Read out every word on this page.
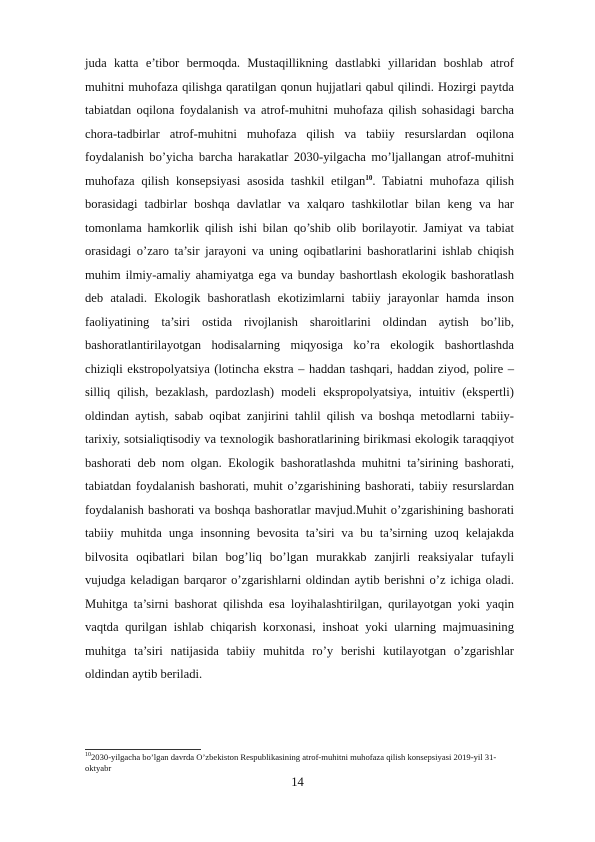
juda katta e’tibor bermoqda. Mustaqillikning dastlabki yillaridan boshlab atrof muhitni muhofaza qilishga qaratilgan qonun hujjatlari qabul qilindi. Hozirgi paytda tabiatdan oqilona foydalanish va atrof-muhitni muhofaza qilish sohasidagi barcha chora-tadbirlar atrof-muhitni muhofaza qilish va tabiiy resurslardan oqilona foydalanish bo’yicha barcha harakatlar 2030-yilgacha mo’ljallangan atrof-muhitni muhofaza qilish konsepsiyasi asosida tashkil etilgan$^{10}$. Tabiatni muhofaza qilish borasidagi tadbirlar boshqa davlatlar va xalqaro tashkilotlar bilan keng va har tomonlama hamkorlik qilish ishi bilan qo’shib olib borilayotir. Jamiyat va tabiat orasidagi o’zaro ta’sir jarayoni va uning oqibatlarini bashoratlarini ishlab chiqish muhim ilmiy-amaliy ahamiyatga ega va bunday bashortlash ekologik bashoratlash deb ataladi. Ekologik bashoratlash ekotizimlarni tabiiy jarayonlar hamda inson faoliyatining ta’siri ostida rivojlanish sharoitlarini oldindan aytish bo’lib, bashoratlantirilayotgan hodisalarning miqyosiga ko’ra ekologik bashortlashda chiziqli ekstropolyatsiya (lotincha ekstra – haddan tashqari, haddan ziyod, polire – silliq qilish, bezaklash, pardozlash) modeli ekspropolyatsiya, intuitiv (ekspertli) oldindan aytish, sabab oqibat zanjirini tahlil qilish va boshqa metodlarni tabiiy-tarixiy, sotsialiqtisodiy va texnologik bashoratlarining birikmasi ekologik taraqqiyot bashorati deb nom olgan. Ekologik bashoratlashda muhitni ta’sirining bashorati, tabiatdan foydalanish bashorati, muhit o’zgarishining bashorati, tabiiy resurslardan foydalanish bashorati va boshqa bashoratlar mavjud.Muhit o’zgarishining bashorati tabiiy muhitda unga insonning bevosita ta’siri va bu ta’sirning uzoq kelajakda bilvosita oqibatlari bilan bog’liq bo’lgan murakkab zanjirli reaksiyalar tufayli vujudga keladigan barqaror o’zgarishlarni oldindan aytib berishni o’z ichiga oladi. Muhitga ta’sirni bashorat qilishda esa loyihalashtirilgan, qurilayotgan yoki yaqin vaqtda qurilgan ishlab chiqarish korxonasi, inshoat yoki ularning majmuasining muhitga ta’siri natijasida tabiiy muhitda ro’y berishi kutilayotgan o’zgarishlar oldindan aytib beriladi.

$^{10}$2030-yilgacha bo’lgan davrda O’zbekiston Respublikasining atrof-muhitni muhofaza qilish konsepsiyasi 2019-yil 31-oktyabr

14
